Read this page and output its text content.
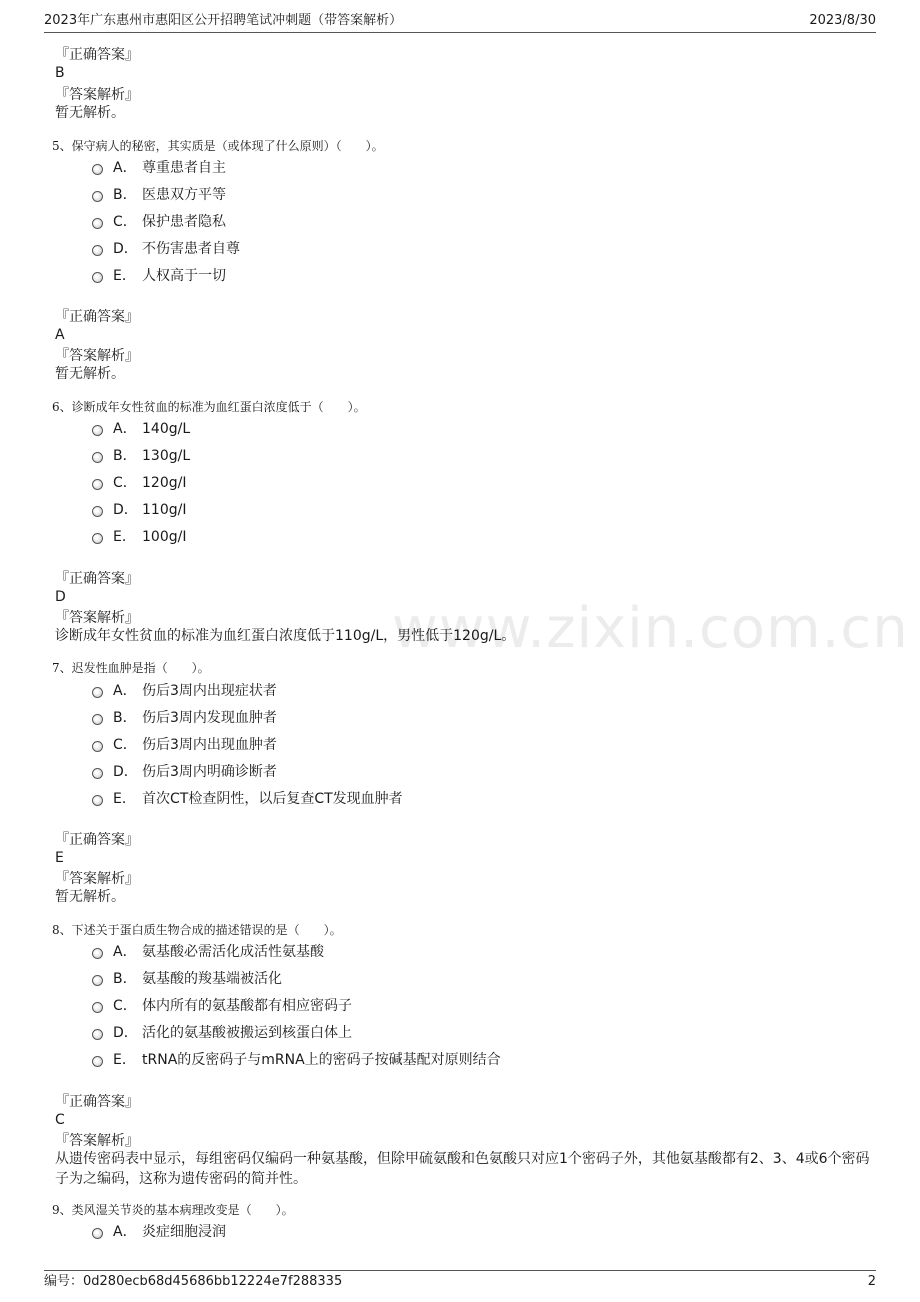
2023年广东惠州市惠阳区公开招聘笔试冲刺题（带答案解析）	2023/8/30
www.zixin.com.cn
『正确答案』
B
『答案解析』
暂无解析。
5、保守病人的秘密，其实质是（或体现了什么原则）（　　）。
A． 尊重患者自主
B． 医患双方平等
C． 保护患者隐私
D． 不伤害患者自尊
E． 人权高于一切
『正确答案』
A
『答案解析』
暂无解析。
6、诊断成年女性贫血的标准为血红蛋白浓度低于（　　）。
A． 140g/L
B． 130g/L
C． 120g/I
D． 110g/I
E． 100g/I
『正确答案』
D
『答案解析』
诊断成年女性贫血的标准为血红蛋白浓度低于110g/L，男性低于120g/L。
7、迟发性血肿是指（　　）。
A． 伤后3周内出现症状者
B． 伤后3周内发现血肿者
C． 伤后3周内出现血肿者
D． 伤后3周内明确诊断者
E． 首次CT检查阴性，以后复查CT发现血肿者
『正确答案』
E
『答案解析』
暂无解析。
8、下述关于蛋白质生物合成的描述错误的是（　　）。
A． 氨基酸必需活化成活性氨基酸
B． 氨基酸的羧基端被活化
C． 体内所有的氨基酸都有相应密码子
D． 活化的氨基酸被搬运到核蛋白体上
E． tRNA的反密码子与mRNA上的密码子按碱基配对原则结合
『正确答案』
C
『答案解析』
从遗传密码表中显示，每组密码仅编码一种氨基酸，但除甲硫氨酸和色氨酸只对应1个密码子外，其他氨基酸都有2、3、4或6个密码子为之编码，这称为遗传密码的简并性。
9、类风湿关节炎的基本病理改变是（　　）。
A． 炎症细胞浸润
编号：0d280ecb68d45686bb12224e7f288335	2
